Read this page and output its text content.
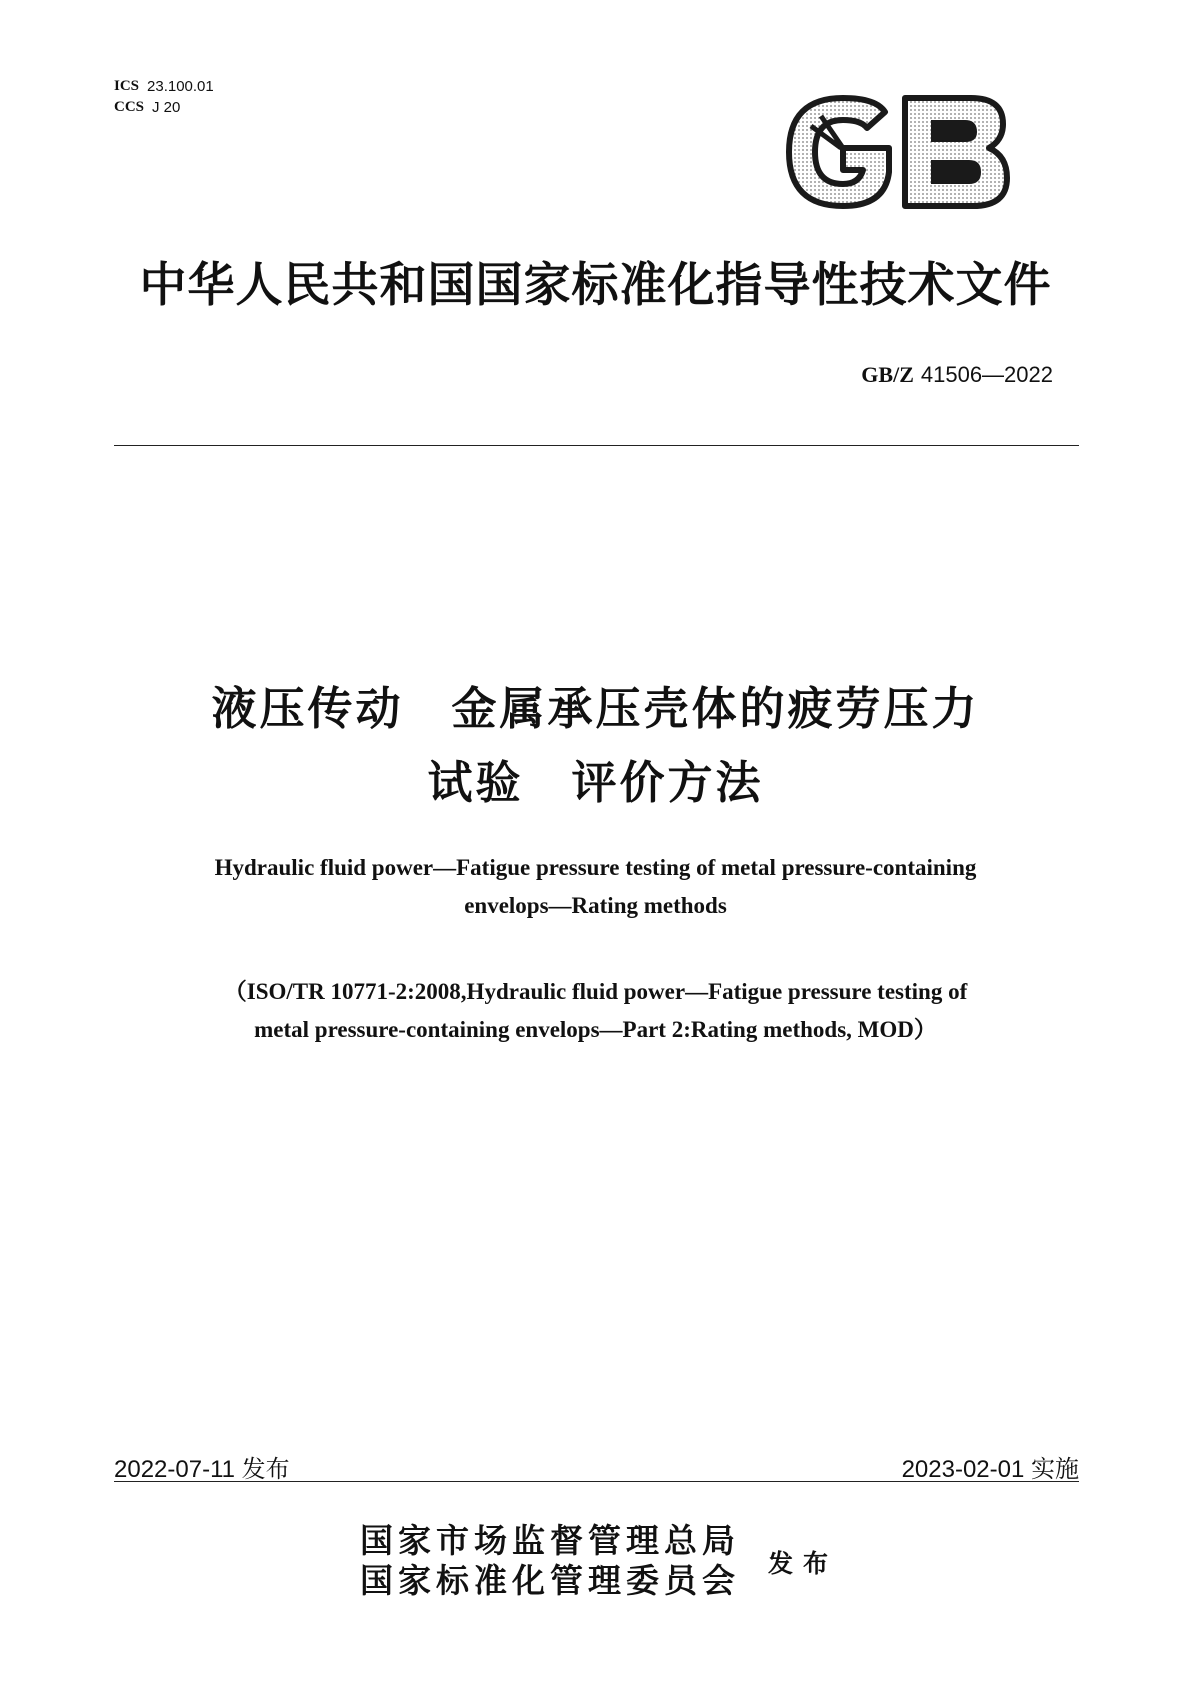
ICS 23.100.01
CCS J 20
中华人民共和国国家标准化指导性技术文件
GB/Z 41506—2022
液压传动　金属承压壳体的疲劳压力
试验　评价方法
Hydraulic fluid power—Fatigue pressure testing of metal pressure-containing
envelops—Rating methods
（ISO/TR 10771-2:2008,Hydraulic fluid power—Fatigue pressure testing of
metal pressure-containing envelops—Part 2:Rating methods, MOD）
2022-07-11 发布	2023-02-01 实施
国家市场监督管理总局
国家标准化管理委员会 发布
